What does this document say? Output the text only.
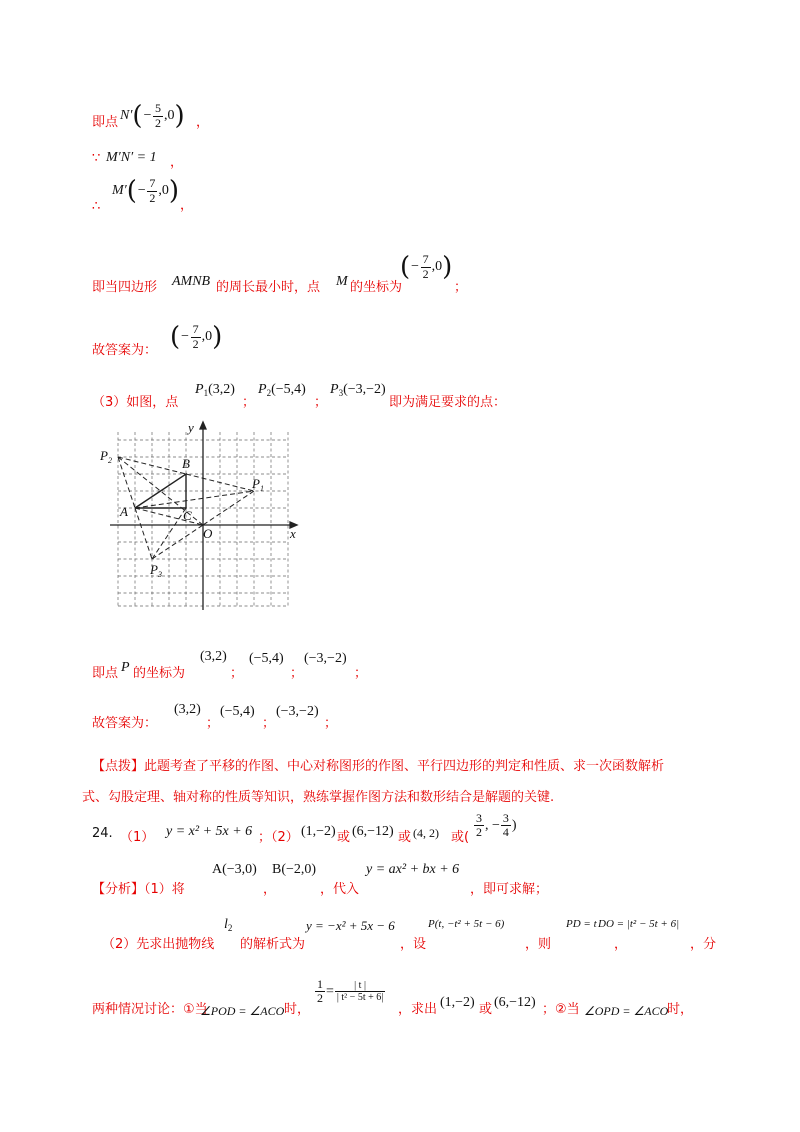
即点 $N'(- \frac{5}{2} ,0)$ ，
∵ M′N′ = 1 ，
∴
$M'(- \frac{7}{2} ,0)$ ，
即当四边形 AMNB 的周长最小时，点 M 的坐标为
(− $\frac{7}{2} ,0$)
；
故答案为： (− $\frac{7}{2} ,0$)
（3）如图，点
$P_1(3,2)$
；
$P_2(-5,4)$
；
$P_3(-3,-2)$
即为满足要求的点：
$P_2$	B
$P_1$
A	C
O	x
y
$P_3$
即点 P 的坐标为
(3,2)
；
(−5,4)
；
(−3,−2)
；
故答案为：
(3,2)
；
(−5,4)
；
(−3,−2)
；
【点拨】此题考查了平移的作图、中心对称图形的作图、平行四边形的判定和性质、求一次函数解析
式、勾股定理、轴对称的性质等知识，熟练掌握作图方法和数形结合是解题的关键.
24. （1） y = x² + 5x + 6 ；（2） (1,−2) 或 (6,−12) 或 (4, 2) 或( $\frac{3}{2}$ , − $\frac{3}{4}$ )
【分析】（1）将
A(−3,0)
，
B(−2,0)
，代入
y = ax² + bx + 6
，即可求解；
（2）先求出抛物线
$l_2$
的解析式为
y = −x² + 5x − 6
，设
P(t, −t² + 5t − 6)
，则
PD = t
，
DO = |t² − 5t + 6|
，分
两种情况讨论：①当
∠POD = ∠ACO 时，
$\frac{1}{2} = \frac{| t |}{\text{| t² − 5t + 6|}}$
，求出 (1,−2) 或 (6,−12) ；②当 ∠OPD = ∠ACO
时，
